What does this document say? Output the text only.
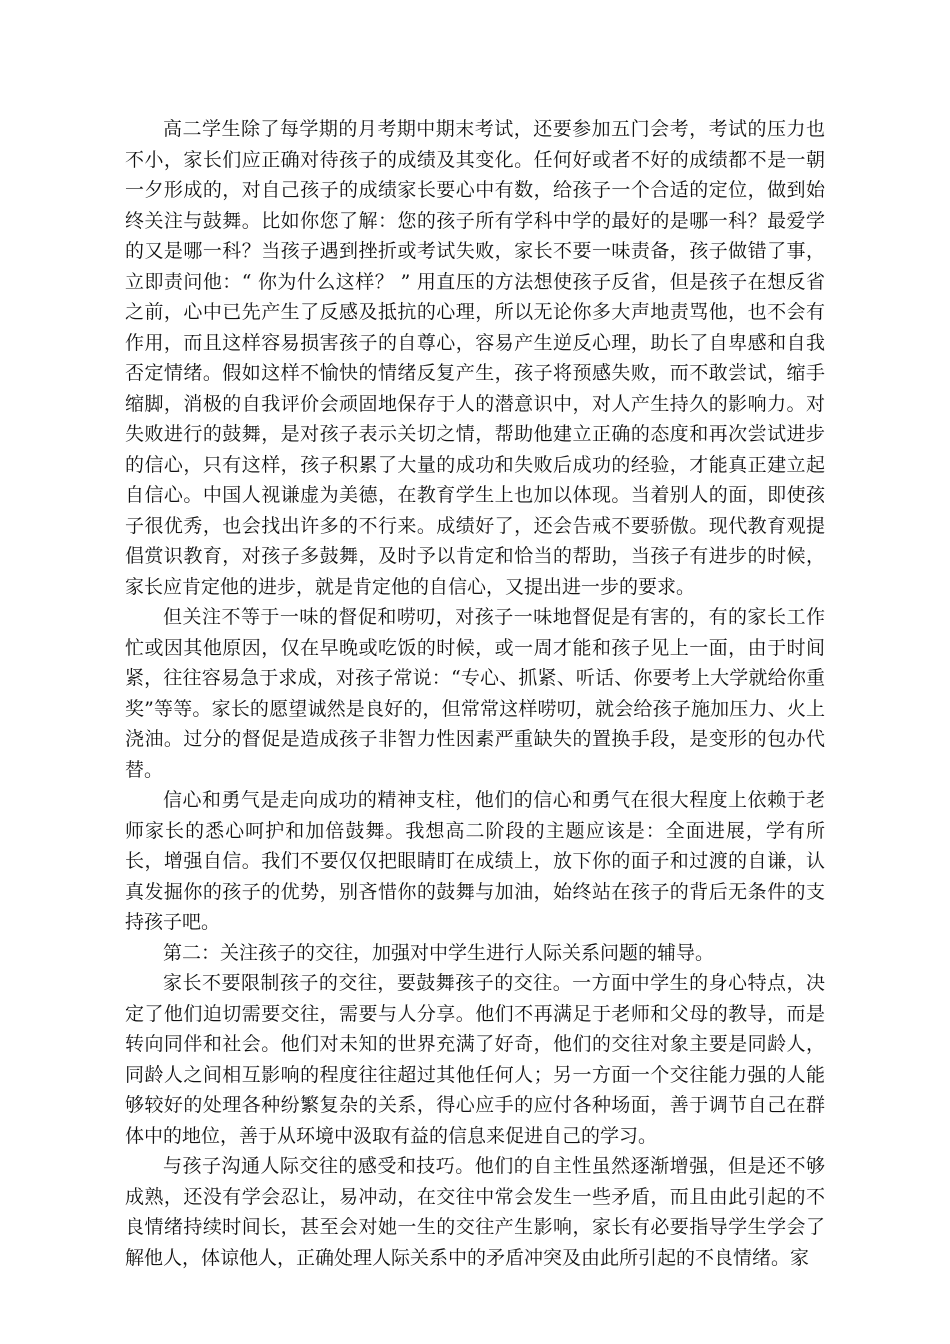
高二学生除了每学期的月考期中期末考试，还要参加五门会考，考试的压力也不小，家长们应正确对待孩子的成绩及其变化。任何好或者不好的成绩都不是一朝一夕形成的，对自己孩子的成绩家长要心中有数，给孩子一个合适的定位，做到始终关注与鼓舞。比如你您了解：您的孩子所有学科中学的最好的是哪一科？最爱学的又是哪一科？当孩子遇到挫折或考试失败，家长不要一味责备，孩子做错了事，立即责问他：“ 你为什么这样？ ” 用直压的方法想使孩子反省，但是孩子在想反省之前，心中已先产生了反感及抵抗的心理，所以无论你多大声地责骂他，也不会有作用，而且这样容易损害孩子的自尊心，容易产生逆反心理，助长了自卑感和自我否定情绪。假如这样不愉快的情绪反复产生，孩子将预感失败，而不敢尝试，缩手缩脚，消极的自我评价会顽固地保存于人的潜意识中，对人产生持久的影响力。对失败进行的鼓舞，是对孩子表示关切之情，帮助他建立正确的态度和再次尝试进步的信心，只有这样，孩子积累了大量的成功和失败后成功的经验，才能真正建立起自信心。中国人视谦虚为美德，在教育学生上也加以体现。当着别人的面，即使孩子很优秀，也会找出许多的不行来。成绩好了，还会告戒不要骄傲。现代教育观提倡赏识教育，对孩子多鼓舞，及时予以肯定和恰当的帮助，当孩子有进步的时候，家长应肯定他的进步，就是肯定他的自信心，又提出进一步的要求。

但关注不等于一味的督促和唠叨，对孩子一味地督促是有害的，有的家长工作忙或因其他原因，仅在早晚或吃饭的时候，或一周才能和孩子见上一面，由于时间紧，往往容易急于求成，对孩子常说：“专心、抓紧、听话、你要考上大学就给你重奖”等等。家长的愿望诚然是良好的，但常常这样唠叨，就会给孩子施加压力、火上浇油。过分的督促是造成孩子非智力性因素严重缺失的置换手段，是变形的包办代替。

信心和勇气是走向成功的精神支柱，他们的信心和勇气在很大程度上依赖于老师家长的悉心呵护和加倍鼓舞。我想高二阶段的主题应该是：全面进展，学有所长，增强自信。我们不要仅仅把眼睛盯在成绩上，放下你的面子和过渡的自谦，认真发掘你的孩子的优势，别吝惜你的鼓舞与加油，始终站在孩子的背后无条件的支持孩子吧。

第二：关注孩子的交往，加强对中学生进行人际关系问题的辅导。

家长不要限制孩子的交往，要鼓舞孩子的交往。一方面中学生的身心特点，决定了他们迫切需要交往，需要与人分享。他们不再满足于老师和父母的教导，而是转向同伴和社会。他们对未知的世界充满了好奇，他们的交往对象主要是同龄人，同龄人之间相互影响的程度往往超过其他任何人；另一方面一个交往能力强的人能够较好的处理各种纷繁复杂的关系，得心应手的应付各种场面，善于调节自己在群体中的地位，善于从环境中汲取有益的信息来促进自己的学习。

与孩子沟通人际交往的感受和技巧。他们的自主性虽然逐渐增强，但是还不够成熟，还没有学会忍让，易冲动，在交往中常会发生一些矛盾，而且由此引起的不良情绪持续时间长，甚至会对她一生的交往产生影响，家长有必要指导学生学会了解他人，体谅他人，正确处理人际关系中的矛盾冲突及由此所引起的不良情绪。家
